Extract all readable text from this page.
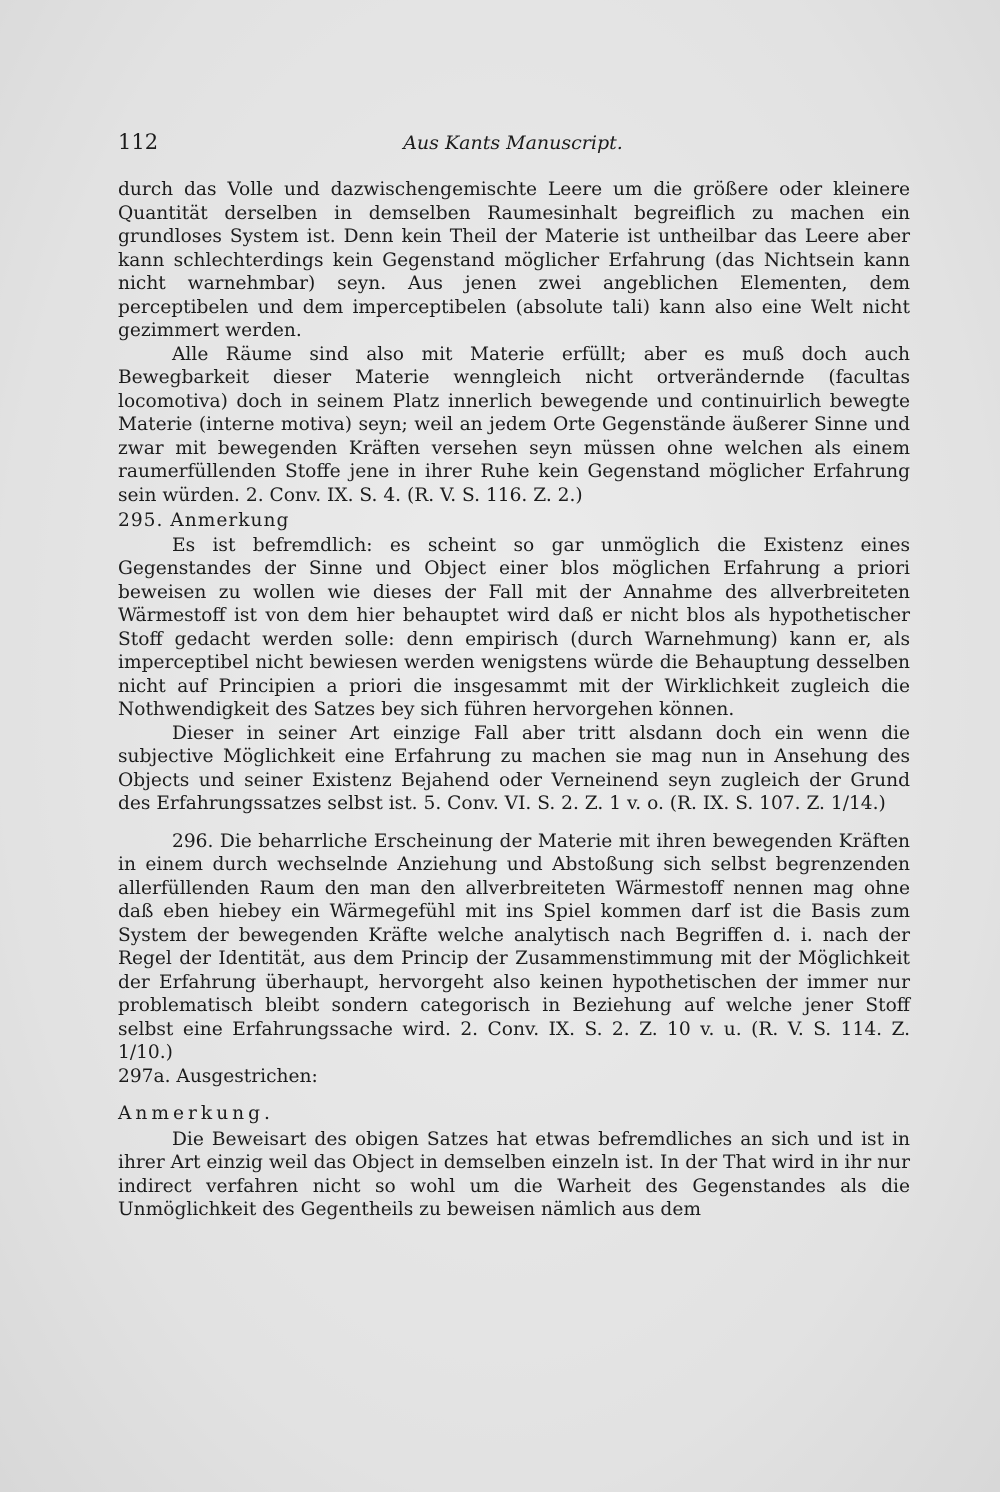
112	Aus Kants Manuscript.

durch das Volle und dazwischengemischte Leere um die größere oder kleinere Quantität derselben in demselben Raumesinhalt begreiflich zu machen ein grundloses System ist. Denn kein Theil der Materie ist untheilbar das Leere aber kann schlechterdings kein Gegenstand möglicher Erfahrung (das Nichtsein kann nicht warnehmbar) seyn. Aus jenen zwei angeblichen Elementen, dem perceptibelen und dem imperceptibelen (absolute tali) kann also eine Welt nicht gezimmert werden.

Alle Räume sind also mit Materie erfüllt; aber es muß doch auch Bewegbarkeit dieser Materie wenngleich nicht ortverändernde (facultas locomotiva) doch in seinem Platz innerlich bewegende und continuirlich bewegte Materie (interne motiva) seyn; weil an jedem Orte Gegenstände äußerer Sinne und zwar mit bewegenden Kräften versehen seyn müssen ohne welchen als einem raumerfüllenden Stoffe jene in ihrer Ruhe kein Gegenstand möglicher Erfahrung sein würden. 2. Conv. IX. S. 4. (R. V. S. 116. Z. 2.)

295. Anmerkung

Es ist befremdlich: es scheint so gar unmöglich die Existenz eines Gegenstandes der Sinne und Object einer blos möglichen Erfahrung a priori beweisen zu wollen wie dieses der Fall mit der Annahme des allverbreiteten Wärmestoff ist von dem hier behauptet wird daß er nicht blos als hypothetischer Stoff gedacht werden solle: denn empirisch (durch Warnehmung) kann er, als imperceptibel nicht bewiesen werden wenigstens würde die Behauptung desselben nicht auf Principien a priori die insgesammt mit der Wirklichkeit zugleich die Nothwendigkeit des Satzes bey sich führen hervorgehen können.

Dieser in seiner Art einzige Fall aber tritt alsdann doch ein wenn die subjective Möglichkeit eine Erfahrung zu machen sie mag nun in Ansehung des Objects und seiner Existenz Bejahend oder Verneinend seyn zugleich der Grund des Erfahrungssatzes selbst ist. 5. Conv. VI. S. 2. Z. 1 v. o. (R. IX. S. 107. Z. 1/14.)

296. Die beharrliche Erscheinung der Materie mit ihren bewegenden Kräften in einem durch wechselnde Anziehung und Abstoßung sich selbst begrenzenden allerfüllenden Raum den man den allverbreiteten Wärmestoff nennen mag ohne daß eben hiebey ein Wärmegefühl mit ins Spiel kommen darf ist die Basis zum System der bewegenden Kräfte welche analytisch nach Begriffen d. i. nach der Regel der Identität, aus dem Princip der Zusammenstimmung mit der Möglichkeit der Erfahrung überhaupt, hervorgeht also keinen hypothetischen der immer nur problematisch bleibt sondern categorisch in Beziehung auf welche jener Stoff selbst eine Erfahrungssache wird. 2. Conv. IX. S. 2. Z. 10 v. u. (R. V. S. 114. Z. 1/10.)

297a. Ausgestrichen:

Anmerkung.

Die Beweisart des obigen Satzes hat etwas befremdliches an sich und ist in ihrer Art einzig weil das Object in demselben einzeln ist. In der That wird in ihr nur indirect verfahren nicht so wohl um die Warheit des Gegenstandes als die Unmöglichkeit des Gegentheils zu beweisen nämlich aus dem
